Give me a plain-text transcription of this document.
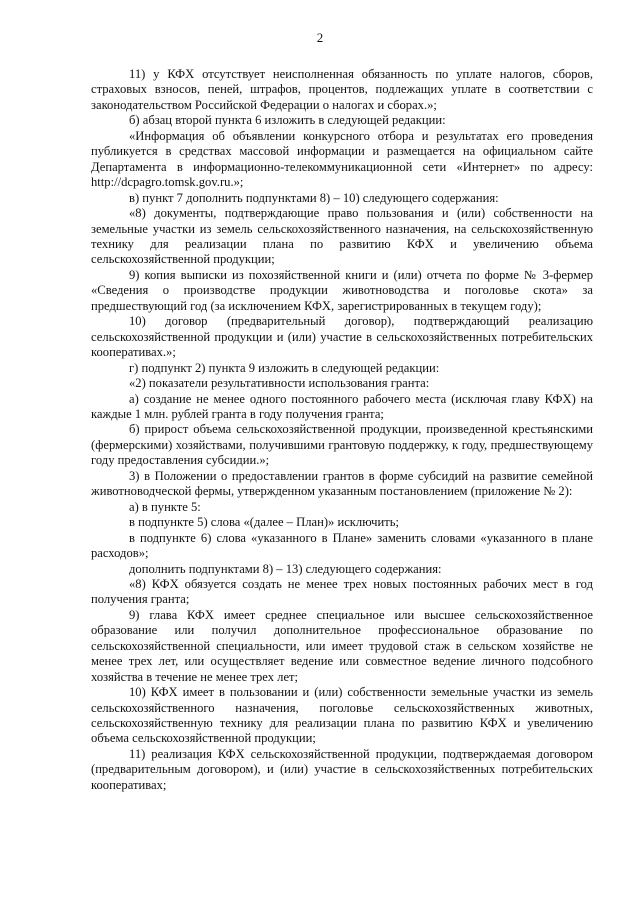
2

11) у КФХ отсутствует неисполненная обязанность по уплате налогов, сборов, страховых взносов, пеней, штрафов, процентов, подлежащих уплате в соответствии с законодательством Российской Федерации о налогах и сборах.»;

б) абзац второй пункта 6 изложить в следующей редакции:

«Информация об объявлении конкурсного отбора и результатах его проведения публикуется в средствах массовой информации и размещается на официальном сайте Департамента в информационно-телекоммуникационной сети «Интернет» по адресу: http://dcpagro.tomsk.gov.ru.»;

в) пункт 7 дополнить подпунктами 8) – 10) следующего содержания:

«8) документы, подтверждающие право пользования и (или) собственности на земельные участки из земель сельскохозяйственного назначения, на сельскохозяйственную технику для реализации плана по развитию КФХ и увеличению объема сельскохозяйственной продукции;

9) копия выписки из похозяйственной книги и (или) отчета по форме № 3-фермер «Сведения о производстве продукции животноводства и поголовье скота» за предшествующий год (за исключением КФХ, зарегистрированных в текущем году);

10) договор (предварительный договор), подтверждающий реализацию сельскохозяйственной продукции и (или) участие в сельскохозяйственных потребительских кооперативах.»;

г) подпункт 2) пункта 9 изложить в следующей редакции:

«2) показатели результативности использования гранта:

а) создание не менее одного постоянного рабочего места (исключая главу КФХ) на каждые 1 млн. рублей гранта в году получения гранта;

б) прирост объема сельскохозяйственной продукции, произведенной крестьянскими (фермерскими) хозяйствами, получившими грантовую поддержку, к году, предшествующему году предоставления субсидии.»;

3) в Положении о предоставлении грантов в форме субсидий на развитие семейной животноводческой фермы, утвержденном указанным постановлением (приложение № 2):

а) в пункте 5:

в подпункте 5) слова «(далее – План)» исключить;

в подпункте 6) слова «указанного в Плане» заменить словами «указанного в плане расходов»;

дополнить подпунктами 8) – 13) следующего содержания:

«8) КФХ обязуется создать не менее трех новых постоянных рабочих мест в год получения гранта;

9) глава КФХ имеет среднее специальное или высшее сельскохозяйственное образование или получил дополнительное профессиональное образование по сельскохозяйственной специальности, или имеет трудовой стаж в сельском хозяйстве не менее трех лет, или осуществляет ведение или совместное ведение личного подсобного хозяйства в течение не менее трех лет;

10) КФХ имеет в пользовании и (или) собственности земельные участки из земель сельскохозяйственного назначения, поголовье сельскохозяйственных животных, сельскохозяйственную технику для реализации плана по развитию КФХ и увеличению объема сельскохозяйственной продукции;

11) реализация КФХ сельскохозяйственной продукции, подтверждаемая договором (предварительным договором), и (или) участие в сельскохозяйственных потребительских кооперативах;
